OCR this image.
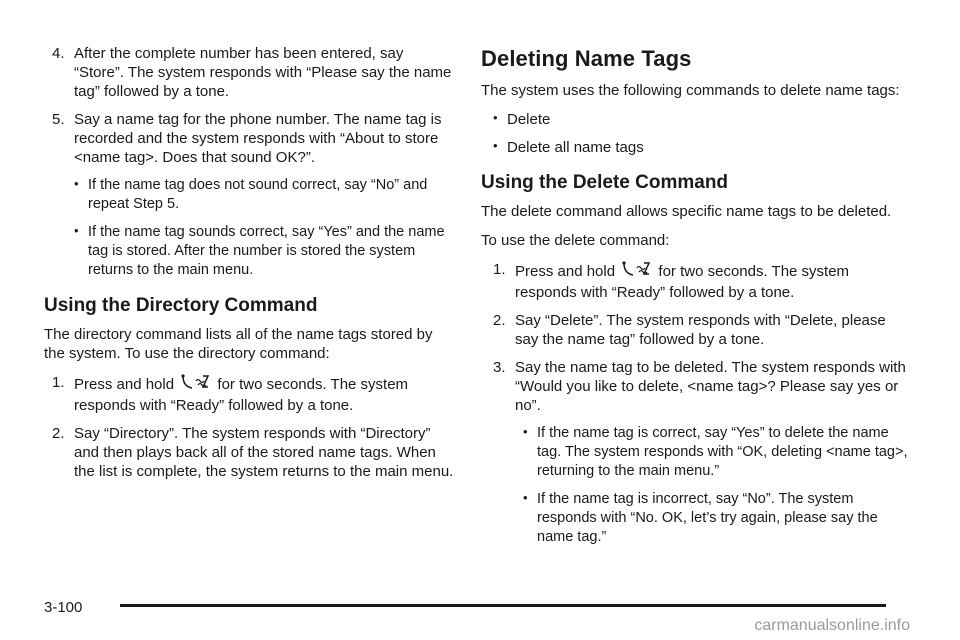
4. After the complete number has been entered, say “Store”. The system responds with “Please say the name tag” followed by a tone.
5. Say a name tag for the phone number. The name tag is recorded and the system responds with “About to store <name tag>. Does that sound OK?”.
• If the name tag does not sound correct, say “No” and repeat Step 5.
• If the name tag sounds correct, say “Yes” and the name tag is stored. After the number is stored the system returns to the main menu.
Using the Directory Command

The directory command lists all of the name tags stored by the system. To use the directory command:

1. Press and hold	for two seconds. The system responds with “Ready” followed by a tone.
2. Say “Directory”. The system responds with “Directory” and then plays back all of the stored name tags. When the list is complete, the system returns to the main menu.
Deleting Name Tags

The system uses the following commands to delete name tags:

• Delete
• Delete all name tags
Using the Delete Command

The delete command allows specific name tags to be deleted.

To use the delete command:

1. Press and hold	for two seconds. The system responds with “Ready” followed by a tone.
2. Say “Delete”. The system responds with “Delete, please say the name tag” followed by a tone.
3. Say the name tag to be deleted. The system responds with “Would you like to delete, <name tag>? Please say yes or no”.
• If the name tag is correct, say “Yes” to delete the name tag. The system responds with “OK, deleting <name tag>, returning to the main menu.”
• If the name tag is incorrect, say “No”. The system responds with “No. OK, let’s try again, please say the name tag.”
3-100
carmanualsonline.info
